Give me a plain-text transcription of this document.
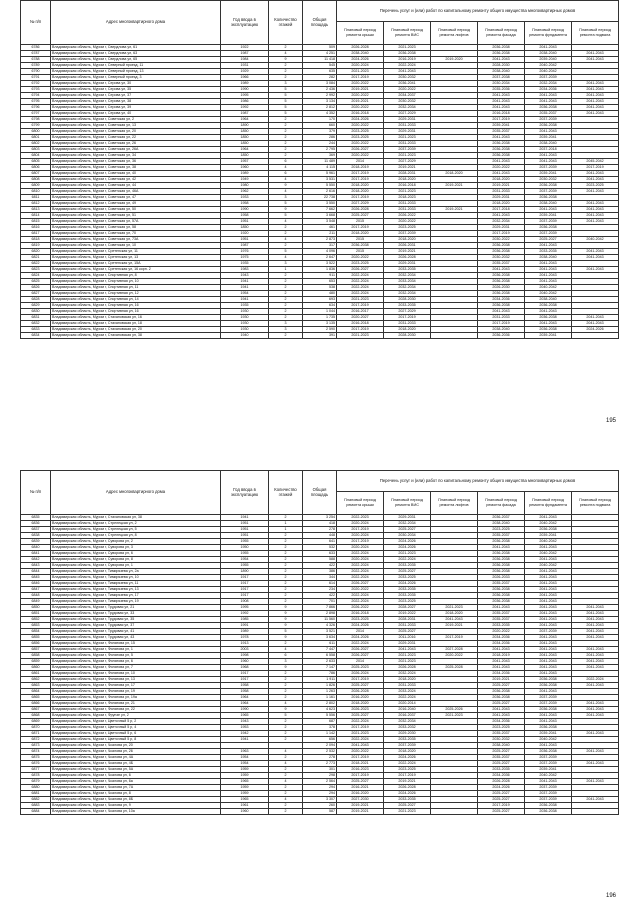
№ п/п	Адрес многоквартирного дома	Год ввода в эксплуатацию	Количество этажей	Общая площадь	Перечень услуг и (или) работ по капитальному ремонту общего имущества многоквартирных домов					
					Плановый период ремонта крыши	Плановый период ремонта ВИС	Плановый период ремонта лифтов	Плановый период ремонта фасада	Плановый период ремонта фундамента	Плановый период ремонта подвала
6786	Владимирская область, Муром г, Свердлова ул, 61	1922	2	509	2026-2028	2021-2023		2036-2038	2041-2043	
6787	Владимирская область, Муром г, Свердлова ул, 63	1987	4	4 251	2038-2040	2036-2038		2036-2038	2038-2040	2041-2043
6788	Владимирская область, Муром г, Свердлова ул, 65	1984	9	11 418	2024-2026	2016-2019	2019-2020	2041-2043	2039-2040	2041-2043
6789	Владимирская область, Муром г, Северный проезд, 11	1931	2	545	2020-2024	2022-2024		2028-2030	2040-2042	
6790	Владимирская область, Муром г, Северный проезд, 13	1929	2	635	2021-2023	2041-2043		2038-2040	2040-2042	
6791	Владимирская область, Муром г, Северный проезд, 3	1966	2	282	2017-2019	2030-2032		2037-2038	2037-2039	
6792	Владимирская область, Муром г, Серова ул, 30	1989	3	3 084	2020-2022	2036-2041		2030-2034	2032-2034	2041-2043
6793	Владимирская область, Муром г, Серова ул, 35	1990	5	2 436	2019-2021	2020-2022		2035-2036	2034-2036	2041-2043
6794	Владимирская область, Муром г, Серова ул, 37	1995	5	2 992	2020-2022	2034-2037		2041-2043	2041-2043	2041-2043
6795	Владимирская область, Муром г, Серова ул, 38	1986	5	3 134	2019-2021	2030-2032		2041-2043	2041-2043	2041-2043
6796	Владимирская область, Муром г, Серова ул, 39	1992	5	2 812	2020-2022	2032-2034		2041-2043	2036-2038	2041-2043
6797	Владимирская область, Муром г, Серова ул, 40	1987	5	4 352	2016-2018	2027-2029		2016-2018	2035-2037	2041-2043
6798	Владимирская область, Муром г, Советская ул, 2	1964	2	170	2024-2026	2029-2031		2017-2019	2037-2039	
6799	Владимирская область, Муром г, Советская ул, 13	1890	2	660	2020-2022	2031-2033		2039-2041	2036-2038	
6800	Владимирская область, Муром г, Советская ул, 20	1850	2	379	2023-2025	2029-2031		2035-2037	2041-2043	
6801	Владимирская область, Муром г, Советская ул, 22	1850	2	286	2023-2025	2021-2023		2041-2043	2039-2041	
6802	Владимирская область, Муром г, Советская ул, 26	1850	2	244	2020-2022	2031-2033		2036-2038	2038-2040	
6803	Владимирская область, Муром г, Советская ул, 26А	1964	2	2 795	2026-2027	2037-2039		2036-2038	2037-2018	
6804	Владимирская область, Муром г, Советская ул, 34	1850	2	369	2020-2022	2021-2023		2036-2038	2041-2043	
6805	Владимирская область, Муром г, Советская ул, 36	1957	6	11 489	2014	2027-2029		2041-2043	2041-2043	2045-2042
6806	Владимирская область, Муром г, Советская ул, 38	1960	4	4 115	2018-2019	2019-2021		2020-2022	2037-2039	2017-2019
6807	Владимирская область, Муром г, Советская ул, 40	1989	6	5 961	2017-2019	2028-2031	2018-2020	2041-2043	2039-2041	2041-2043
6808	Владимирская область, Муром г, Советская ул, 42	1949	4	3 531	2017-2019	2018-2020		2018-2020	2030-2032	2041-2043
6809	Владимирская область, Муром г, Советская ул, 44	1980	9	5 550	2018-2020	2016-2018	2019-2021	2019-2021	2036-2038	2023-2025
6810	Владимирская область, Муром г, Советская ул, 46А	1962	4	2 616	2018-2020	2021-2023		2031-2033	2037-2039	2041-2043
6811	Владимирская область, Муром г, Советская ул, 47	1933	3	22 738	2017-2019	2018-2023		2029-2031	2036-2038	
6812	Владимирская область, Муром г, Советская ул, 49	1958	5	3 550	2027-2029	2031-2033		2018-2020	2038-2040	2041-2043
6813	Владимирская область, Муром г, Советская ул, 50	1990	9	7 662	2026-2028	2031-2033	2019-2021	2017-2018	2041-2043	2041-2043
6814	Владимирская область, Муром г, Советская ул, 51	1958	5	3 668	2025-2027	2026-2022		2041-2043	2039-2041	2041-2043
6815	Владимирская область, Муром г, Советская ул, 57А	1951	4	3 548	2015	2020-2022		2032-2034	2037-2039	2041-2043
6816	Владимирская область, Муром г, Советская ул, 58	1850	2	461	2017-2019	2023-2025		2029-2031	2036-2038	
6817	Владимирская область, Муром г, Советская ул, 70	1920	2	211	2018-2020	2037-2039		2017-2019	2037-2039	
6818	Владимирская область, Муром г, Советская ул, 73А	1951	4	2 873	2015	2018-2020		2030-2022	2025-2027	2040-2042
6819	Владимирская область, Муром г, Советская ул, 10	1987	2	317	2036-2038	2026-2031		2036-2038	2041-2043	
6820	Владимирская область, Муром г, Сретенская ул, 11	1976	5	4 096	2015	2019-2021		2036-2038	2033-2035	2041-2043
6821	Владимирская область, Муром г, Сретенская ул, 13	1975	4	2 647	2020-2022	2026-2028		2030-2032	2038-2040	2041-2043
6822	Владимирская область, Муром г, Сретенская ул, 15А	1935	3	3 522	2023-2025	2029-2031		2035-2037	2041-2043	
6823	Владимирская область, Муром г, Сретенская ул, 16 корп. 2	1983	1	1 836	2026-2027	2033-2035		2041-2043	2041-2043	2041-2043
6824	Владимирская область, Муром г, Спортивная ул, 8	1943	2	911	2022-2024	2032-2034		2036-2038	2041-2043	
6825	Владимирская область, Муром г, Спортивная ул, 10	1941	2	653	2022-2024	2033-2034		2036-2038	2041-2043	
6826	Владимирская область, Муром г, Спортивная ул, 11	1941	2	538	2022-2024	2032-2034		2026-2030	2040-2042	
6827	Владимирская область, Муром г, Спортивная ул, 12	1954	2	480	2022-2024	2032-2034		2036-2038	2040-2042	
6828	Владимирская область, Муром г, Спортивная ул, 14	1941	2	693	2021-2023	2028-2030		2034-2036	2038-2040	
6829	Владимирская область, Муром г, Спортивная ул, 16	1935	2	634	2017-2019	2033-2035		2036-2038	2036-2038	
6830	Владимирская область, Муром г, Спортивная ул, 16	1930	2	1 044	2016-2017	2027-2029		2041-2043	2041-2043	
6831	Владимирская область, Муром г, Стахановская ул, 16	1930	2	1 735	2020-2027	2017-2019		2031-2033	2036-2038	2041-2043
6832	Владимирская область, Муром г, Стахановская ул, 18	1930	3	3 135	2016-2018	2031-2033		2017-2019	2041-2043	2041-2043
6833	Владимирская область, Муром г, Стахановская ул, 20	1930	3	2 590	2017-2019	2018-2020		2038-2040	2036-2038	2024-2026
6834	Владимирская область, Муром г, Стахановская ул, 38	1940	2	391	2021-2023	2028-2030		2036-2036	2039-2041	
195
№ п/п	Адрес многоквартирного дома	Год ввода в эксплуатацию	Количество этажей	Общая площадь	Перечень услуг и (или) работ по капитальному ремонту общего имущества многоквартирных домов					
					Плановый период ремонта крыши	Плановый период ремонта ВИС	Плановый период ремонта лифтов	Плановый период ремонта фасада	Плановый период ремонта фундамента	Плановый период ремонта подвала
6835	Владимирская область, Муром г, Стахановская ул, 38	1941	2	3 254	2022-2023	2029-2031		2036-2037	2041-2043	
6836	Владимирская область, Муром г, Стрелецкая ул, 2	1951	1	418	2020-2024	2032-2034		2038-2040	2040-2042	
6837	Владимирская область, Муром г, Стрелецкая ул, 5	1951	1	278	2017-2019	2025-2027		2023-2025	2036-2038	
6838	Владимирская область, Муром г, Стрелецкая ул, 8	1951	2	448	2020-2024	2030-2034		2035-2037	2039-2041	
6839	Владимирская область, Муром г, Суворова ул, 2	1955	2	641	2017-2019	2024-2026		2036-2038	2040-2042	
6840	Владимирская область, Муром г, Суворова ул, 3	1950	2	532	2020-2024	2024-2026		2041-2043	2041-2043	
6841	Владимирская область, Муром г, Суворова ул, 6	1955	2	633	2022-2024	2021-2023		2036-2038	2040-2042	
6842	Владимирская область, Муром г, Суворова ул, 8	1954	2	588	2020-2024	2022-2024		2036-2038	2041-2043	
6843	Владимирская область, Муром г, Суворова ул, 1	1955	2	422	2022-2024	2033-2035		2036-2038	2040-2042	
6844	Владимирская область, Муром г, Тимирязева ул, 2а	1890	2	386	2022-2024	2025-2027		2036-2038	2041-2043	
6845	Владимирская область, Муром г, Тимирязева ул, 10	1917	2	344	2022-2024	2033-2025		2026-2033	2041-2043	
6846	Владимирская область, Муром г, Тимирязева ул, 11	1917	2	614	2026-2027	2024-2026		2035-2037	2041-2043	
6847	Владимирская область, Муром г, Тимирязева ул, 13	1917	2	234	2020-2022	2033-2035		2036-2038	2041-2043	
6848	Владимирская область, Муром г, Тимирязева ул, 17	1917	2	422	2022-2024	2033-2035		2036-2038	2041-2043	
6849	Владимирская область, Муром г, Тимирязева ул, 19	1908	2	701	2022-2024	2023-2025		2036-2038	2041-2043	
6850	Владимирская область, Муром г, Трудовая ул, 21	1995	9	7 866	2026-2022	2028-2027	2021-2023	2041-2043	2041-2043	2041-2043
6851	Владимирская область, Муром г, Трудовая ул, 33	1992	9	2 898	2016-2018	2019-2022	2018-2020	2035-2037	2041-2043	2041-2043
6852	Владимирская область, Муром г, Трудовая ул, 35	1985	9	11 560	2023-2025	2028-2031	2041-2043	2035-2037	2041-2043	2041-2043
6853	Владимирская область, Муром г, Трудовая ул, 37	1991	9	4 326	2024-2026	2031-2033	2019-2021	2033-2035	2041-2043	2041-2043
6854	Владимирская область, Муром г, Трудовая ул, 41	1989	5	3 521	2014	2025-2027		2020-2022	2037-2039	2041-2043
6855	Владимирская область, Муром г, Трудовая ул, 43	1978	9	3 634	2024-2026	2011-2016	2017-2019	2034-2036	2041-2043	2041-2043
6856	Владимирская область, Муром г, Филатова ул, 15	1913	2	611	2022-2024	2029-2031		2034-2036	2041-2043	
6857	Владимирская область, Муром г, Филатова ул, 1	2003	4	7 447	2026-2027	2041-2043	2027-2028	2041-2043	2041-2043	2041-2043
6858	Владимирская область, Муром г, Филатова ул, 5	1998	6	6 558	2026-2027	2021-2023	2020-2022	2018-2019	2041-2043	2041-2043
6859	Владимирская область, Муром г, Филатова ул, 6	1960	3	2 633	2014	2021-2023		2041-2043	2041-2043	2041-2043
6860	Владимирская область, Муром г, Филатова ул, 7	1968	9	7 147	2025-2023	2026-2028	2025-2028	2041-2043	2041-2043	2041-2043
6861	Владимирская область, Муром г, Филатова ул, 10	1917	2	786	2026-2024	2032-2024		2034-2036	2041-2043	
6862	Владимирская область, Муром г, Филатова ул, 13	1917	2	1 911	2017-2019	2018-2020		2019-2021	2036-2038	2022-2024
6863	Владимирская область, Муром г, Филатова ул, 17	1958	2	1 826	2025-2027	2031-2033		2025-2027	2036-2038	2041-2043
6864	Владимирская область, Муром г, Филатова ул, 19	1958	2	1 263	2026-2028	2033-2024		2036-2038	2041-2043	
6865	Владимирская область, Муром г, Филатова ул, 19а	1964	2	1 161	2016-2020	2022-2024		2036-2038	2037-2039	
6866	Владимирская область, Муром г, Филатова ул, 21	1964	4	2 802	2018-2020	2020-2014		2025-2027	2037-2039	2041-2043
6867	Владимирская область, Муром г, Филатова ул, 22	1990	9	4 623	2026-2023	2016-2040	2025-2026	2041-2043	2036-2038	2041-2043
6868	Владимирская область, Муром г, Фрунзе ул, 2	1965	5	5 556	2025-2027	2016-2037	2021-2023	2041-2043	2041-2043	2041-2043
6869	Владимирская область, Муром г, Цветочный 5 р, 2	1943	2	687	2022-2024	2032-2034		2034-2036	2041-2043	
6870	Владимирская область, Муром г, Цветочный 5 р, 4	1953	2	378	2017-2019	2033-2032		2023-2025	2036-2038	
6871	Владимирская область, Муром г, Цветочный 5 р, 6	1942	2	1 142	2021-2023	2029-2030		2035-2037	2039-2041	2041-2043
6872	Владимирская область, Муром г, Цветочный 5 р, 8	1941	2	656	2022-2024	2033-2035		2030-2032	2040-2042	
6873	Владимирская область, Муром г, Чкалова ул, 20			2 094	2041-2043	2037-2039		2038-2040	2041-2043	
6874	Владимирская область, Муром г, Чкалова ул, 26	1963	4	2 532	2020-2022	2018-2020		2025-2027	2036-2038	2041-2043
6875	Владимирская область, Муром г, Чкалова ул, 4А	1954	2	278	2017-2019	2024-2026		2035-2037	2037-2039	
6876	Владимирская область, Муром г, Чкалова ул, 4Б	1954	4	2 773	2018-2021	2022-2024		2025-2027	2037-2039	2041-2043
6877	Владимирская область, Муром г, Чкалова ул, 5А	1959	2	301	2016-2023	2023-2025		2033-2035	2039-2041	
6878	Владимирская область, Муром г, Чкалова ул, 6	1959	2	298	2017-2019	2017-2019		2034-2036	2040-2042	
6879	Владимирская область, Муром г, Чкалова ул, 6а	1965	4	2 564	2025-2027	2019-2021		2026-2028	2041-2043	2041-2043
6880	Владимирская область, Муром г, Чкалова ул, 7А	1959	2	294	2016-2021	2026-2028		2024-2026	2037-2039	
6881	Владимирская область, Муром г, Чкалова ул, 8	1959	2	294	2016-2020	2024-2026		2025-2027	2037-2039	
6882	Владимирская область, Муром г, Чкалова ул, 8Б	1965	4	3 307	2027-2030	2033-2035		2025-2027	2037-2039	2041-2043
6883	Владимирская область, Муром г, Чкалова ул, 9	1961	2	260	2019-2021	2025-2027		2017-2019	2036-2038	
6884	Владимирская область, Муром г, Чкалова ул, 10а	1960	2	587	2019-2021	2021-2023		2025-2027	2036-2038	
196
